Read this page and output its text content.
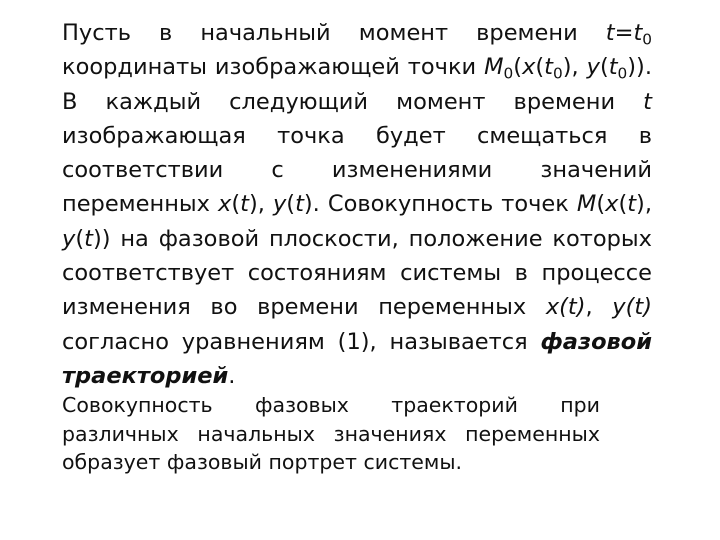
Пусть в начальный момент времени $t=t_0$ координаты изображающей точки $M_0(x(t_0)$, $y(t_0)$). В каждый следующий момент времени t изображающая точка будет смещаться в соответствии с изменениями значений переменных x(t), y(t). Совокупность точек M(x(t), y(t)) на фазовой плоскости, положение которых соответствует состояниям системы в процессе изменения во времени переменных x(t), y(t) согласно уравнениям (1), называется фазовой траекторией.

Совокупность фазовых траекторий при различных начальных значениях переменных образует фазовый портрет системы.
